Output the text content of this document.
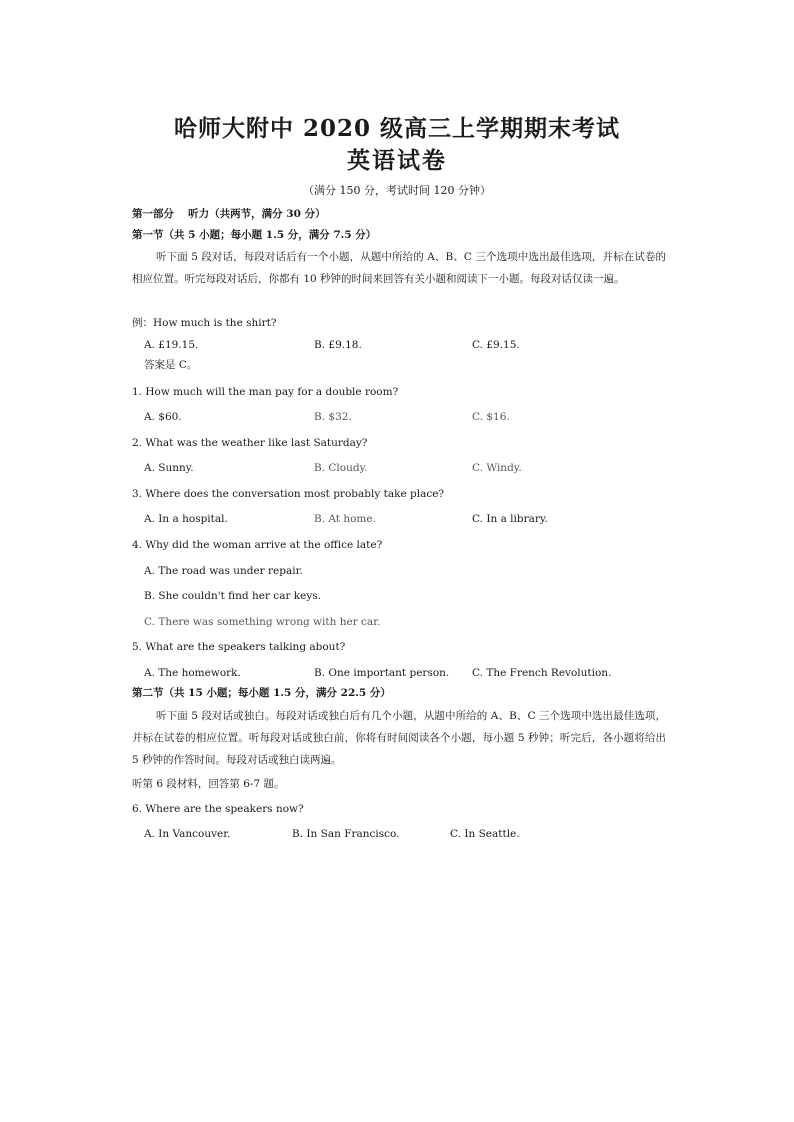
哈师大附中 2020 级高三上学期期末考试
英语试卷
（满分 150 分，考试时间 120 分钟）
第一部分　 听力（共两节，满分 30 分）
第一节（共 5 小题；每小题 1.5 分，满分 7.5 分）
听下面 5 段对话，每段对话后有一个小题，从题中所给的 A、B、C 三个选项中选出最佳选项，并标在试卷的相应位置。听完每段对话后，你都有 10 秒钟的时间来回答有关小题和阅读下一小题。每段对话仅读一遍。
例：How much is the shirt?
A. £19.15.	B. £9.18.	C. £9.15.
答案是 C。
1. How much will the man pay for a double room?
A. $60.	B. $32.	C. $16.
2. What was the weather like last Saturday?
A. Sunny.	B. Cloudy.	C. Windy.
3. Where does the conversation most probably take place?
A. In a hospital.	B. At home.	C. In a library.
4. Why did the woman arrive at the office late?
A. The road was under repair.
B. She couldn't find her car keys.
C. There was something wrong with her car.
5. What are the speakers talking about?
A. The homework.	B. One important person. C. The French Revolution.
第二节（共 15 小题；每小题 1.5 分，满分 22.5 分）
听下面 5 段对话或独白。每段对话或独白后有几个小题，从题中所给的 A、B、C 三个选项中选出最佳选项，并标在试卷的相应位置。听每段对话或独白前，你将有时间阅读各个小题，每小题 5 秒钟；听完后，各小题将给出 5 秒钟的作答时间。每段对话或独白读两遍。
听第 6 段材料，回答第 6-7 题。
6. Where are the speakers now?
A. In Vancouver.	B. In San Francisco.	C. In Seattle.
